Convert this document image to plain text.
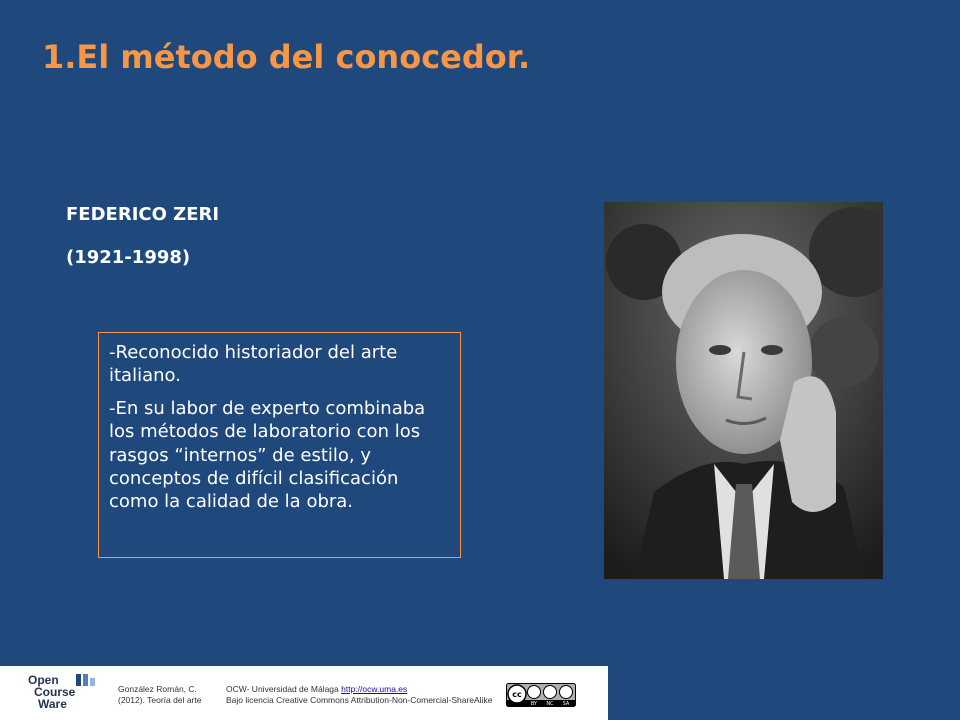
1.El método del conocedor.
FEDERICO ZERI
(1921-1998)

-Reconocido historiador del arte italiano.

-En su labor de experto combinaba los métodos de laboratorio con los rasgos “internos” de estilo, y conceptos de difícil clasificación como la calidad de la obra.

Open
Course
Ware
González Román, C.
(2012). Teoría del arte
OCW- Universidad de Málaga http://ocw.uma.es
Bajo licencia Creative Commons Attribution-Non-Comercial-ShareAlike cc
BY NC SA
